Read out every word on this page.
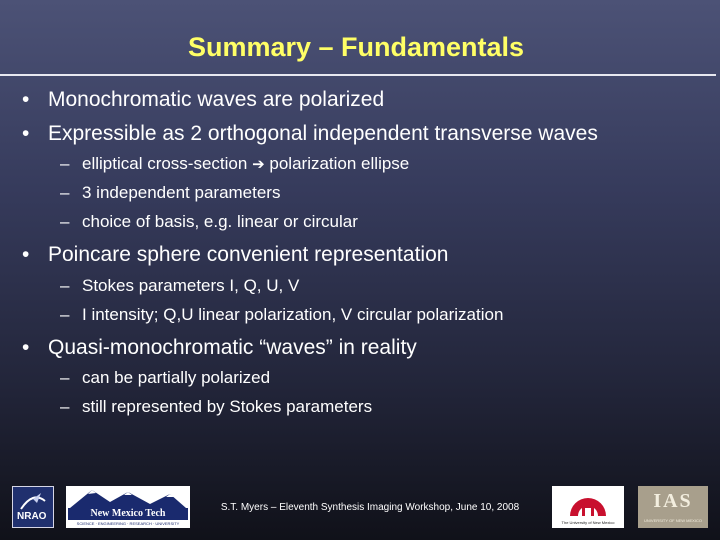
Summary – Fundamentals
• Monochromatic waves are polarized
• Expressible as 2 orthogonal independent transverse waves
– elliptical cross-section ➔ polarization ellipse
– 3 independent parameters
– choice of basis, e.g. linear or circular
• Poincare sphere convenient representation
– Stokes parameters I, Q, U, V
– I intensity; Q,U linear polarization, V circular polarization
• Quasi-monochromatic “waves” in reality
– can be partially polarized
– still represented by Stokes parameters
S.T. Myers – Eleventh Synthesis Imaging Workshop, June 10, 2008
NRAO	New Mexico Tech
SCIENCE · ENGINEERING · RESEARCH · UNIVERSITY	The University of New Mexico
IAS
UNIVERSITY OF NEW MEXICO
